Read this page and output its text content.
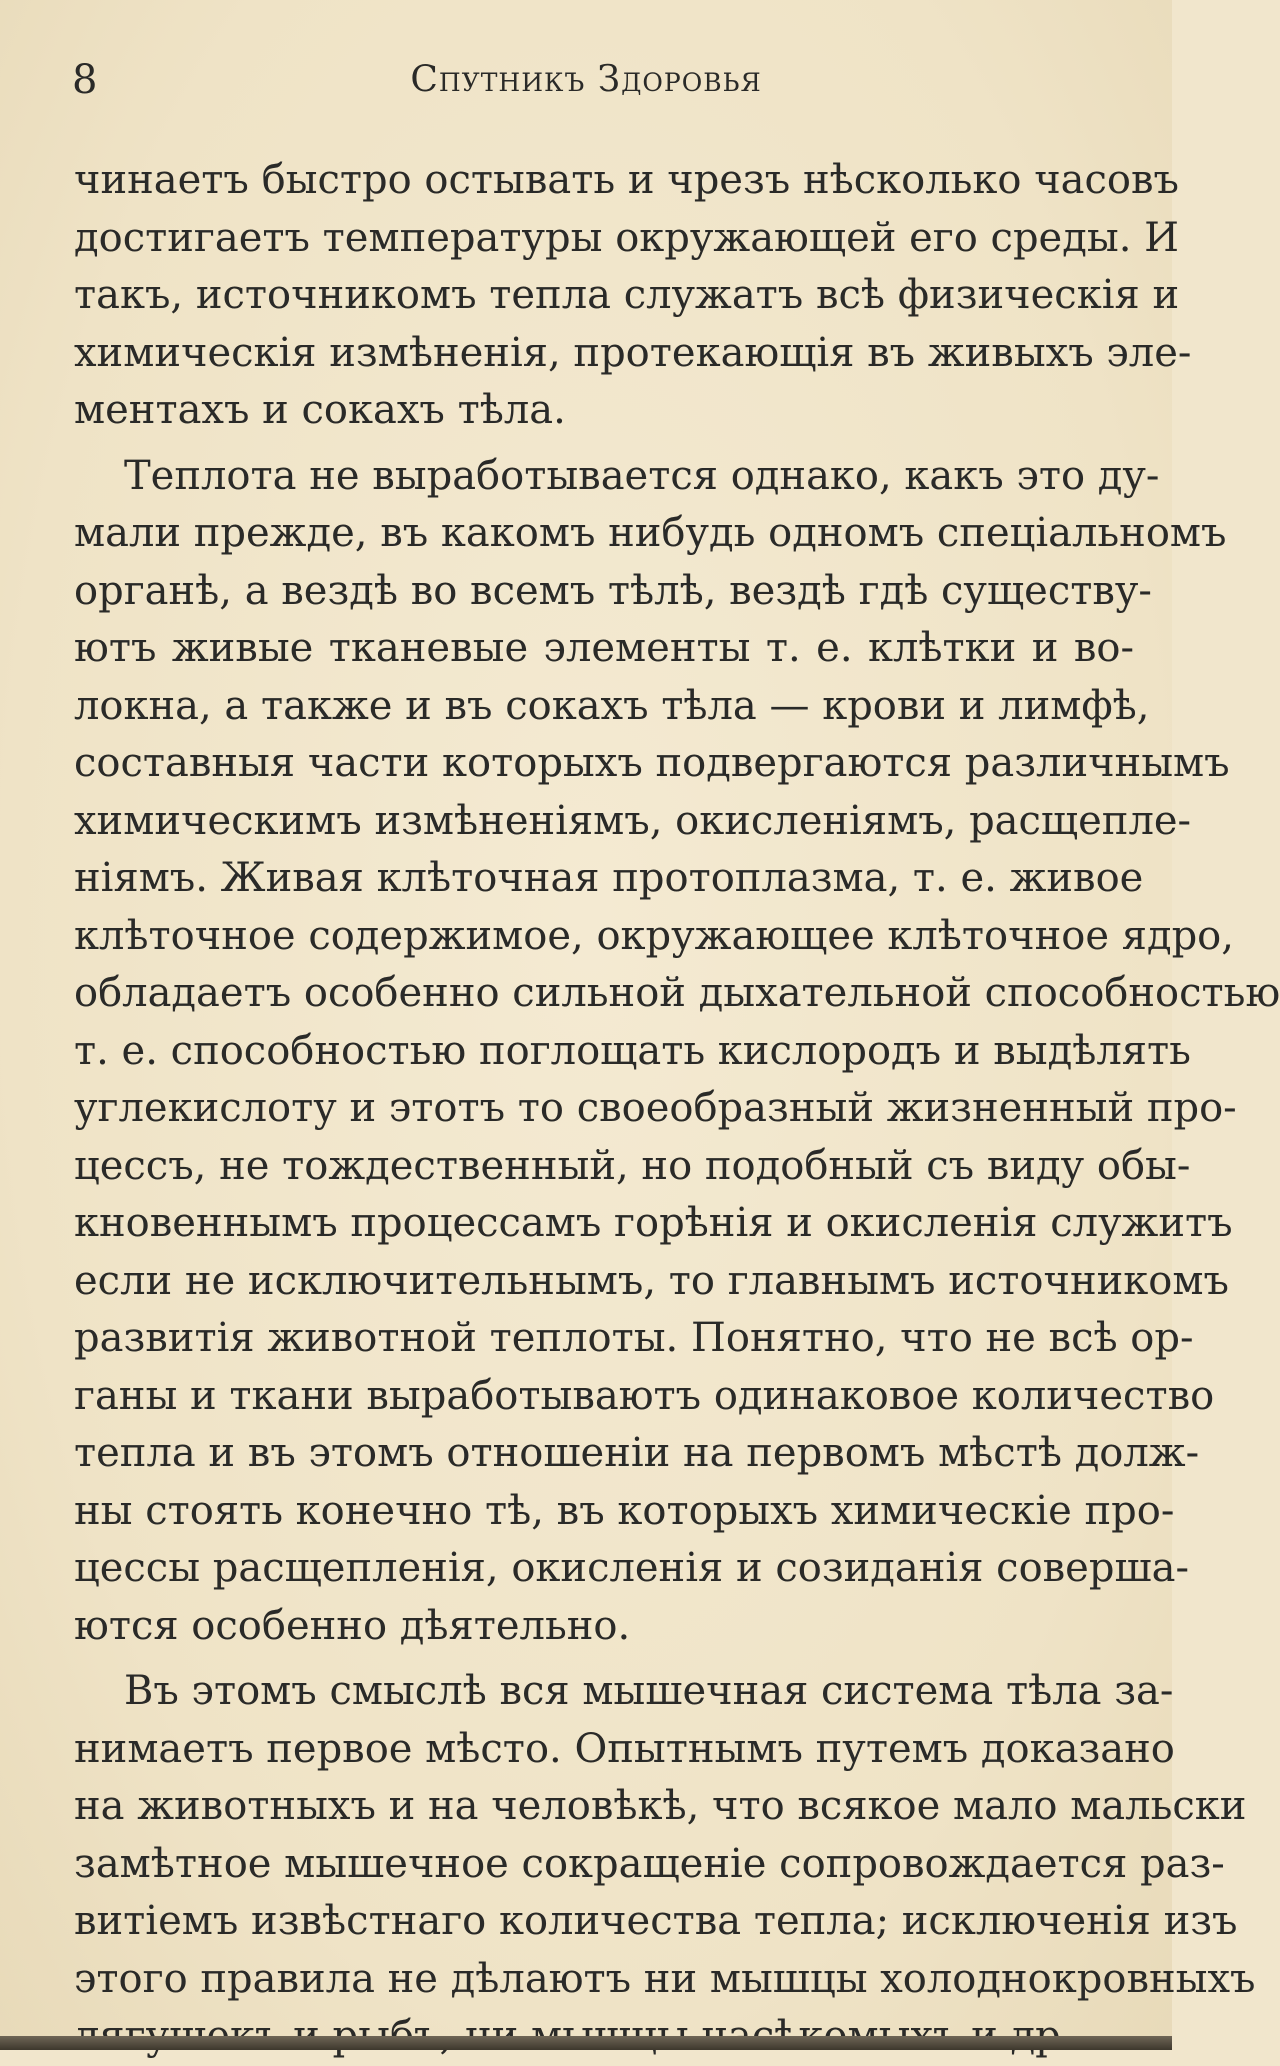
8	Спутникъ Здоровья
чинаетъ быстро остывать и чрезъ нѣсколько часовъ
достигаетъ температуры окружающей его среды. И
такъ, источникомъ тепла служатъ всѣ физическія и
химическія измѣненія, протекающія въ живыхъ эле-
ментахъ и сокахъ тѣла.
Теплота не выработывается однако, какъ это ду-
мали прежде, въ какомъ нибудь одномъ спеціальномъ
органѣ, а вездѣ во всемъ тѣлѣ, вездѣ гдѣ существу-
ютъ живые тканевые элементы т. е. клѣтки и во-
локна, а также и въ сокахъ тѣла — крови и лимфѣ,
составныя части которыхъ подвергаются различнымъ
химическимъ измѣненіямъ, окисленіямъ, расщепле-
ніямъ. Живая клѣточная протоплазма, т. е. живое
клѣточное содержимое, окружающее клѣточное ядро,
обладаетъ особенно сильной дыхательной способностью
т. е. способностью поглощать кислородъ и выдѣлять
углекислоту и этотъ то своеобразный жизненный про-
цессъ, не тождественный, но подобный съ виду обы-
кновеннымъ процессамъ горѣнія и окисленія служитъ
если не исключительнымъ, то главнымъ источникомъ
развитія животной теплоты. Понятно, что не всѣ ор-
ганы и ткани выработываютъ одинаковое количество
тепла и въ этомъ отношеніи на первомъ мѣстѣ долж-
ны стоять конечно тѣ, въ которыхъ химическіе про-
цессы расщепленія, окисленія и созиданія соверша-
ются особенно дѣятельно.
Въ этомъ смыслѣ вся мышечная система тѣла за-
нимаетъ первое мѣсто. Опытнымъ путемъ доказано
на животныхъ и на человѣкѣ, что всякое мало мальски
замѣтное мышечное сокращеніе сопровождается раз-
витіемъ извѣстнаго количества тепла; исключенія изъ
этого правила не дѣлаютъ ни мышцы холоднокровныхъ
